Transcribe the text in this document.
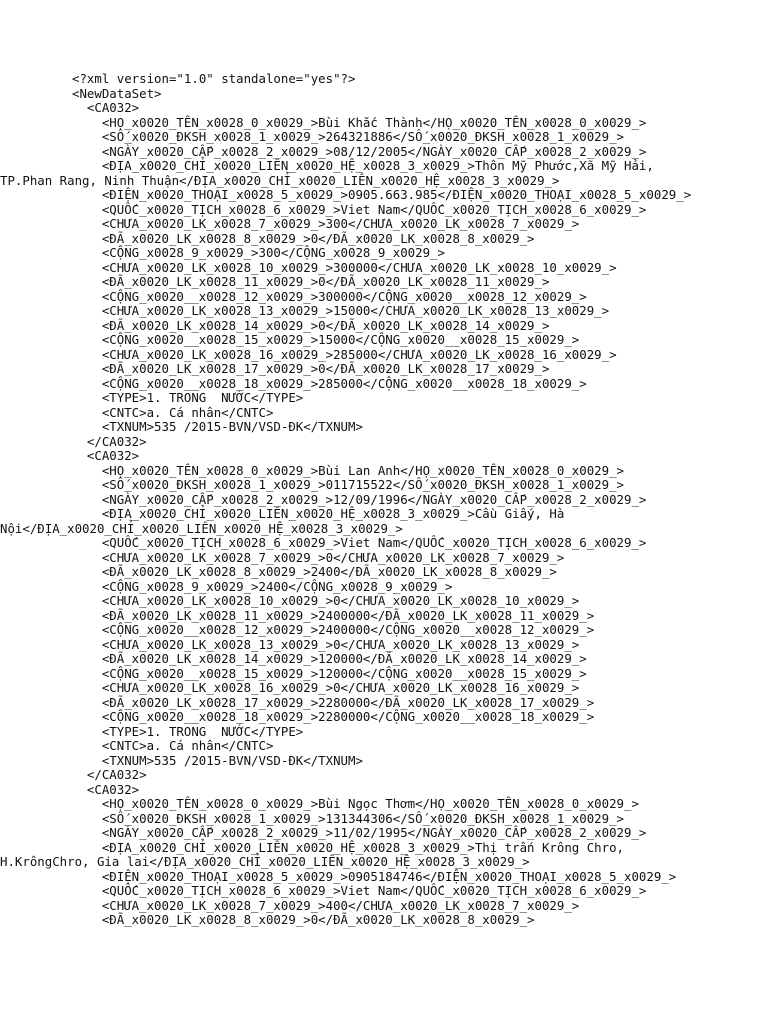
<?xml version="1.0" standalone="yes"?>
<NewDataSet>
<CA032>
<HỌ_x0020_TÊN_x0028_0_x0029_>Bùi Khắc Thành</HỌ_x0020_TÊN_x0028_0_x0029_>
<SỐ_x0020_ĐKSH_x0028_1_x0029_>264321886</SỐ_x0020_ĐKSH_x0028_1_x0029_>
<NGÀY_x0020_CẤP_x0028_2_x0029_>08/12/2005</NGÀY_x0020_CẤP_x0028_2_x0029_>
<ĐỊA_x0020_CHỈ_x0020_LIÊN_x0020_HỆ_x0028_3_x0029_>Thôn Mỹ Phước,Xã Mỹ Hải,
TP.Phan Rang, Ninh Thuận</ĐỊA_x0020_CHỈ_x0020_LIÊN_x0020_HỆ_x0028_3_x0029_>
<ĐIỆN_x0020_THOẠI_x0028_5_x0029_>0905.663.985</ĐIỆN_x0020_THOẠI_x0028_5_x0029_>
<QUỐC_x0020_TỊCH_x0028_6_x0029_>Viet Nam</QUỐC_x0020_TỊCH_x0028_6_x0029_>
<CHƯA_x0020_LK_x0028_7_x0029_>300</CHƯA_x0020_LK_x0028_7_x0029_>
<ĐÃ_x0020_LK_x0028_8_x0029_>0</ĐÃ_x0020_LK_x0028_8_x0029_>
<CỘNG_x0028_9_x0029_>300</CỘNG_x0028_9_x0029_>
<CHƯA_x0020_LK_x0028_10_x0029_>300000</CHƯA_x0020_LK_x0028_10_x0029_>
<ĐÃ_x0020_LK_x0028_11_x0029_>0</ĐÃ_x0020_LK_x0028_11_x0029_>
<CỘNG_x0020__x0028_12_x0029_>300000</CỘNG_x0020__x0028_12_x0029_>
<CHƯA_x0020_LK_x0028_13_x0029_>15000</CHƯA_x0020_LK_x0028_13_x0029_>
<ĐÃ_x0020_LK_x0028_14_x0029_>0</ĐÃ_x0020_LK_x0028_14_x0029_>
<CỘNG_x0020__x0028_15_x0029_>15000</CỘNG_x0020__x0028_15_x0029_>
<CHƯA_x0020_LK_x0028_16_x0029_>285000</CHƯA_x0020_LK_x0028_16_x0029_>
<ĐÃ_x0020_LK_x0028_17_x0029_>0</ĐÃ_x0020_LK_x0028_17_x0029_>
<CỘNG_x0020__x0028_18_x0029_>285000</CỘNG_x0020__x0028_18_x0029_>
<TYPE>1. TRONG  NƯỚC</TYPE>
<CNTC>a. Cá nhân</CNTC>
<TXNUM>535 /2015-BVN/VSD-ĐK</TXNUM>
</CA032>
<CA032>
<HỌ_x0020_TÊN_x0028_0_x0029_>Bùi Lan Anh</HỌ_x0020_TÊN_x0028_0_x0029_>
<SỐ_x0020_ĐKSH_x0028_1_x0029_>011715522</SỐ_x0020_ĐKSH_x0028_1_x0029_>
<NGÀY_x0020_CẤP_x0028_2_x0029_>12/09/1996</NGÀY_x0020_CẤP_x0028_2_x0029_>
<ĐỊA_x0020_CHỈ_x0020_LIÊN_x0020_HỆ_x0028_3_x0029_>Cầu Giấy, Hà
Nội</ĐỊA_x0020_CHỈ_x0020_LIÊN_x0020_HỆ_x0028_3_x0029_>
<QUỐC_x0020_TỊCH_x0028_6_x0029_>Viet Nam</QUỐC_x0020_TỊCH_x0028_6_x0029_>
<CHƯA_x0020_LK_x0028_7_x0029_>0</CHƯA_x0020_LK_x0028_7_x0029_>
<ĐÃ_x0020_LK_x0028_8_x0029_>2400</ĐÃ_x0020_LK_x0028_8_x0029_>
<CỘNG_x0028_9_x0029_>2400</CỘNG_x0028_9_x0029_>
<CHƯA_x0020_LK_x0028_10_x0029_>0</CHƯA_x0020_LK_x0028_10_x0029_>
<ĐÃ_x0020_LK_x0028_11_x0029_>2400000</ĐÃ_x0020_LK_x0028_11_x0029_>
<CỘNG_x0020__x0028_12_x0029_>2400000</CỘNG_x0020__x0028_12_x0029_>
<CHƯA_x0020_LK_x0028_13_x0029_>0</CHƯA_x0020_LK_x0028_13_x0029_>
<ĐÃ_x0020_LK_x0028_14_x0029_>120000</ĐÃ_x0020_LK_x0028_14_x0029_>
<CỘNG_x0020__x0028_15_x0029_>120000</CỘNG_x0020__x0028_15_x0029_>
<CHƯA_x0020_LK_x0028_16_x0029_>0</CHƯA_x0020_LK_x0028_16_x0029_>
<ĐÃ_x0020_LK_x0028_17_x0029_>2280000</ĐÃ_x0020_LK_x0028_17_x0029_>
<CỘNG_x0020__x0028_18_x0029_>2280000</CỘNG_x0020__x0028_18_x0029_>
<TYPE>1. TRONG  NƯỚC</TYPE>
<CNTC>a. Cá nhân</CNTC>
<TXNUM>535 /2015-BVN/VSD-ĐK</TXNUM>
</CA032>
<CA032>
<HỌ_x0020_TÊN_x0028_0_x0029_>Bùi Ngọc Thơm</HỌ_x0020_TÊN_x0028_0_x0029_>
<SỐ_x0020_ĐKSH_x0028_1_x0029_>131344306</SỐ_x0020_ĐKSH_x0028_1_x0029_>
<NGÀY_x0020_CẤP_x0028_2_x0029_>11/02/1995</NGÀY_x0020_CẤP_x0028_2_x0029_>
<ĐỊA_x0020_CHỈ_x0020_LIÊN_x0020_HỆ_x0028_3_x0029_>Thị trấn Krông Chro,
H.KrôngChro, Gia lai</ĐỊA_x0020_CHỈ_x0020_LIÊN_x0020_HỆ_x0028_3_x0029_>
<ĐIỆN_x0020_THOẠI_x0028_5_x0029_>0905184746</ĐIỆN_x0020_THOẠI_x0028_5_x0029_>
<QUỐC_x0020_TỊCH_x0028_6_x0029_>Viet Nam</QUỐC_x0020_TỊCH_x0028_6_x0029_>
<CHƯA_x0020_LK_x0028_7_x0029_>400</CHƯA_x0020_LK_x0028_7_x0029_>
<ĐÃ_x0020_LK_x0028_8_x0029_>0</ĐÃ_x0020_LK_x0028_8_x0029_>
